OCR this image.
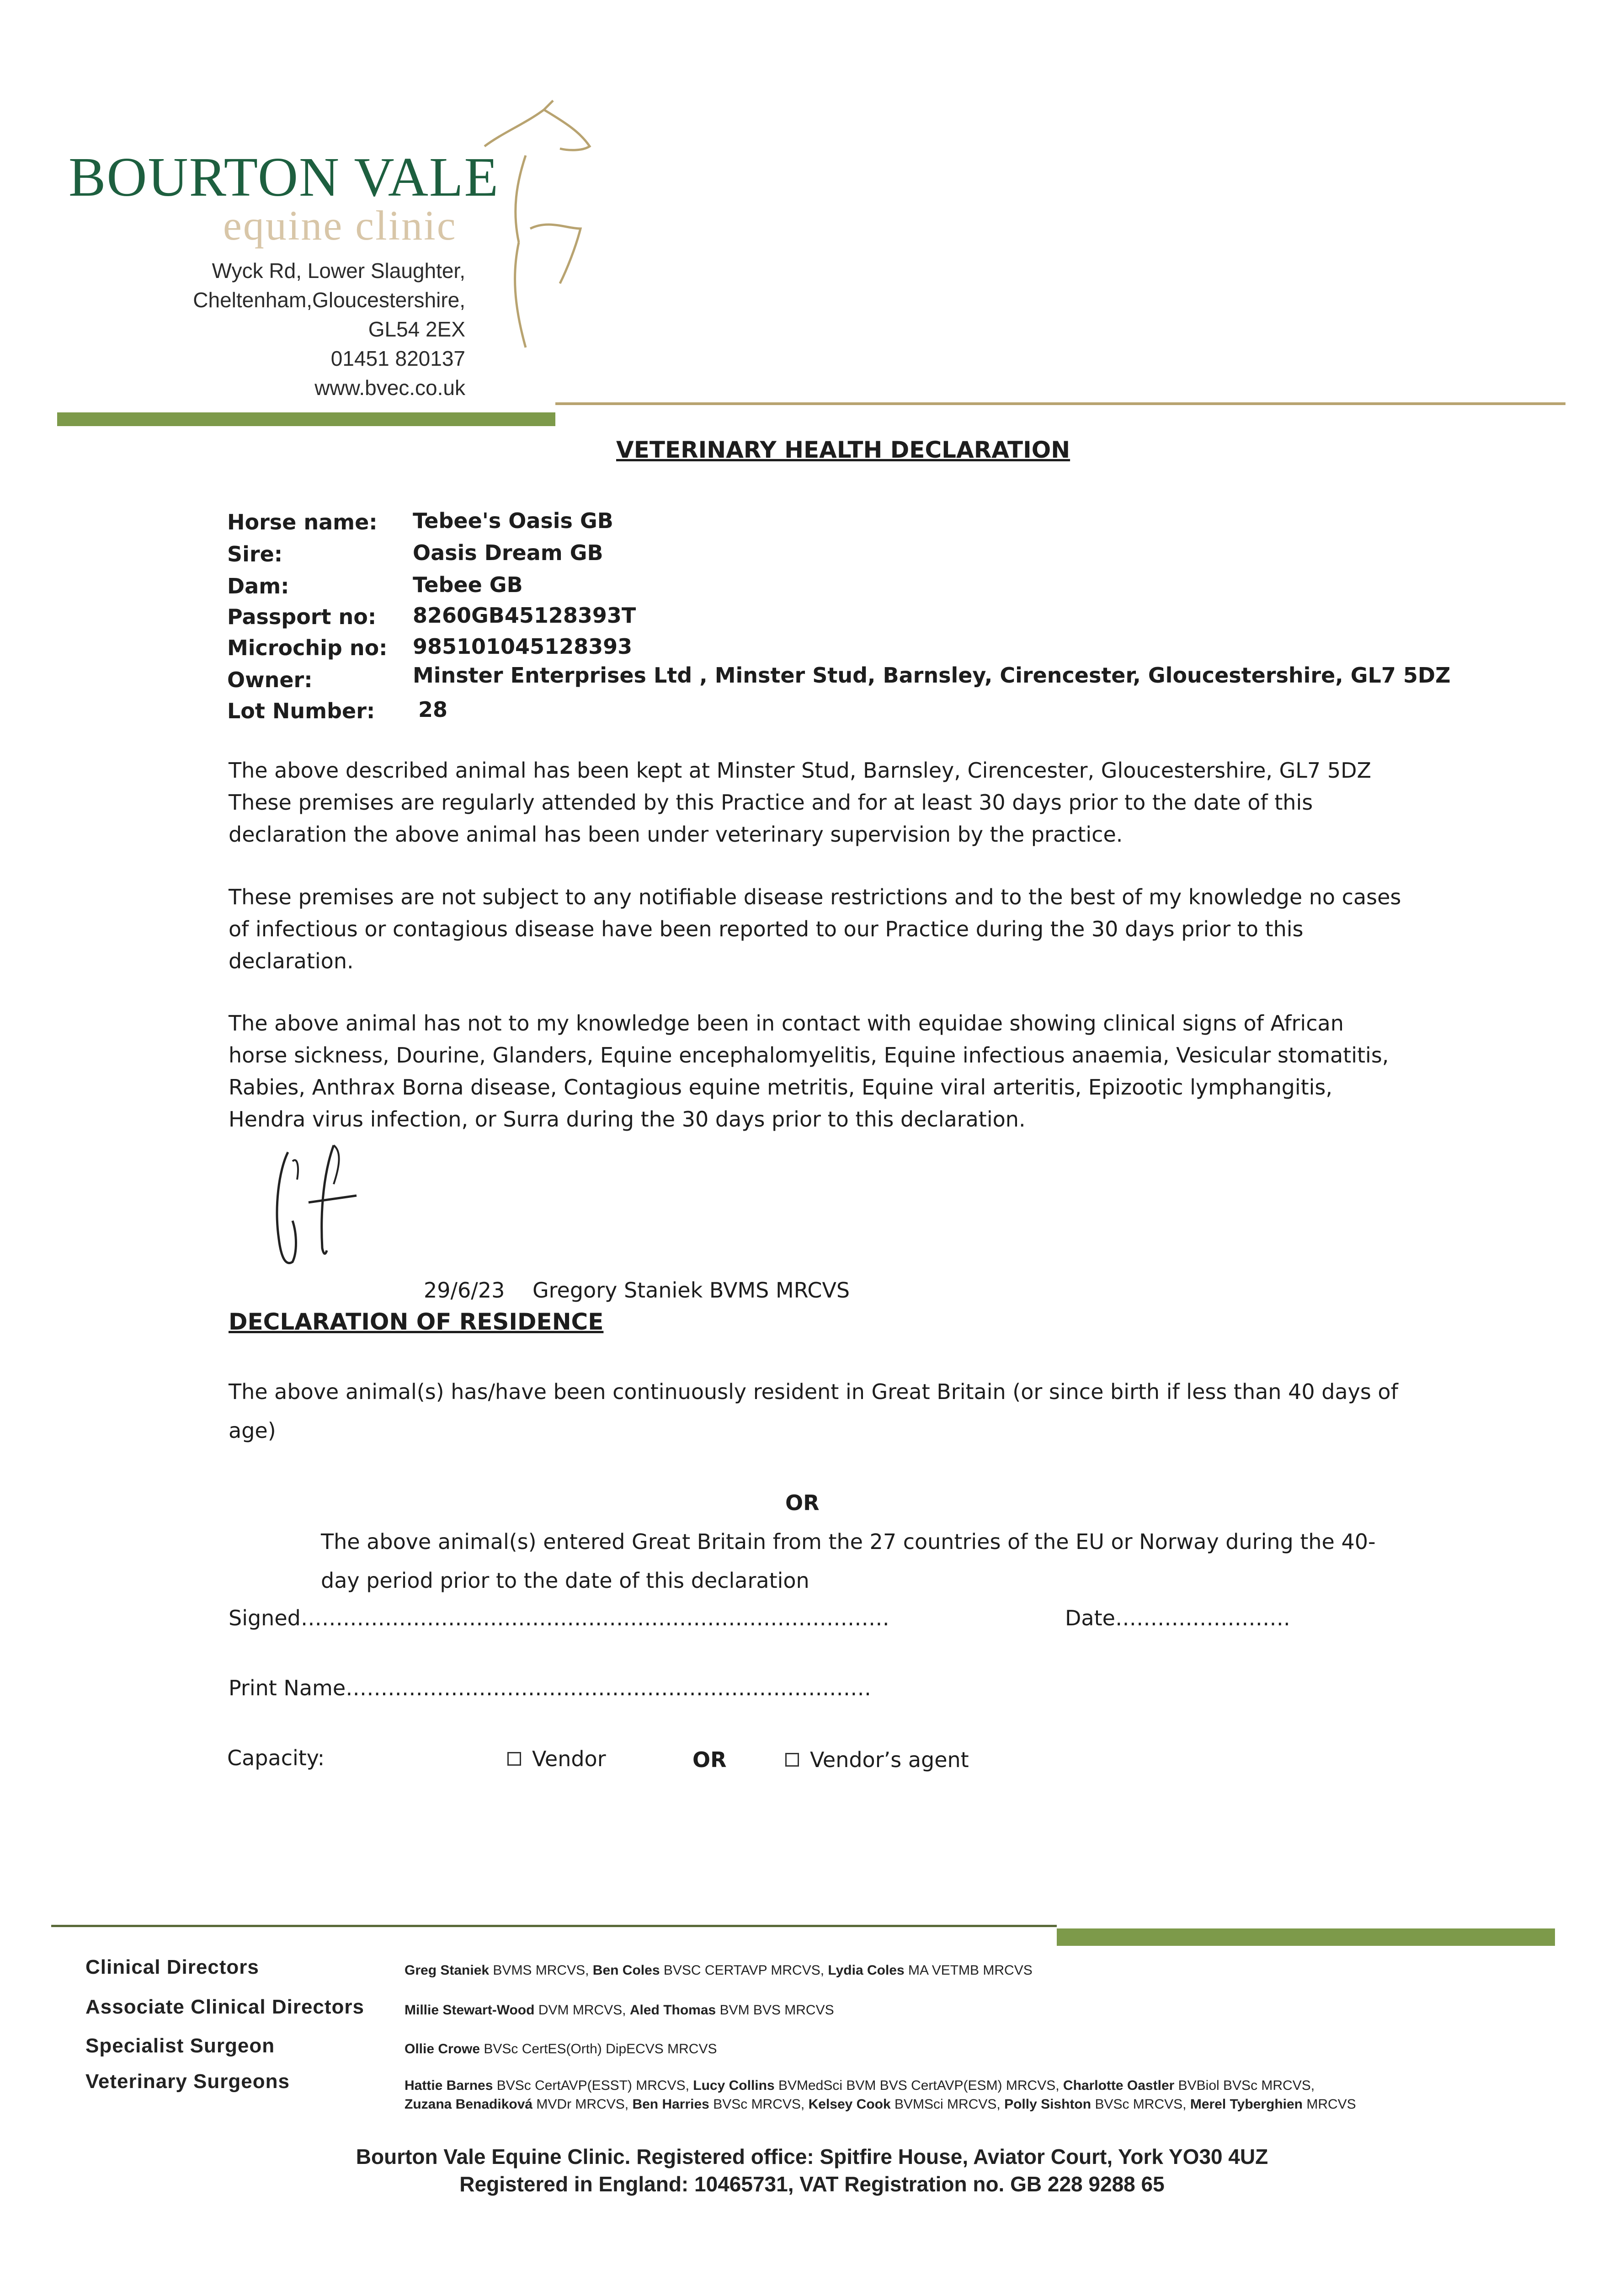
BOURTON VALE
equine clinic
Wyck Rd, Lower Slaughter,
Cheltenham,Gloucestershire,
GL54 2EX
01451 820137
www.bvec.co.uk
VETERINARY HEALTH DECLARATION
Horse name: Tebee's Oasis GB
Sire:	Oasis Dream GB
Dam:	Tebee GB
Passport no: 8260GB45128393T
Microchip no: 985101045128393
Owner:	Minster Enterprises Ltd , Minster Stud, Barnsley, Cirencester, Gloucestershire, GL7 5DZ
Lot Number: 28

The above described animal has been kept at Minster Stud, Barnsley, Cirencester, Gloucestershire, GL7 5DZ

These premises are regularly attended by this Practice and for at least 30 days prior to the date of this

declaration the above animal has been under veterinary supervision by the practice.

These premises are not subject to any notifiable disease restrictions and to the best of my knowledge no cases

of infectious or contagious disease have been reported to our Practice during the 30 days prior to this

declaration.

The above animal has not to my knowledge been in contact with equidae showing clinical signs of African

horse sickness, Dourine, Glanders, Equine encephalomyelitis, Equine infectious anaemia, Vesicular stomatitis,

Rabies, Anthrax Borna disease, Contagious equine metritis, Equine viral arteritis, Epizootic lymphangitis,

Hendra virus infection, or Surra during the 30 days prior to this declaration.

29/6/23 Gregory Staniek BVMS MRCVS
DECLARATION OF RESIDENCE
The above animal(s) has/have been continuously resident in Great Britain (or since birth if less than 40 days of
age)
OR
The above animal(s) entered Great Britain from the 27 countries of the EU or Norway during the 40-
day period prior to the date of this declaration
Signed…………………………………………………………………………	Date…………………….
Print Name…………………………………………………………………
Capacity:	Vendor	OR	Vendor’s agent
Clinical Directors	Greg Staniek BVMS MRCVS, Ben Coles BVSC CERTAVP MRCVS, Lydia Coles MA VETMB MRCVS
Associate Clinical Directors	Millie Stewart-Wood DVM MRCVS, Aled Thomas BVM BVS MRCVS
Specialist Surgeon	Ollie Crowe BVSc CertES(Orth) DipECVS MRCVS
Veterinary Surgeons	Hattie Barnes BVSc CertAVP(ESST) MRCVS, Lucy Collins BVMedSci BVM BVS CertAVP(ESM) MRCVS, Charlotte Oastler BVBiol BVSc MRCVS,
Zuzana Benadiková MVDr MRCVS, Ben Harries BVSc MRCVS, Kelsey Cook BVMSci MRCVS, Polly Sishton BVSc MRCVS, Merel Tyberghien MRCVS
Bourton Vale Equine Clinic. Registered office: Spitfire House, Aviator Court, York YO30 4UZ
Registered in England: 10465731, VAT Registration no. GB 228 9288 65
